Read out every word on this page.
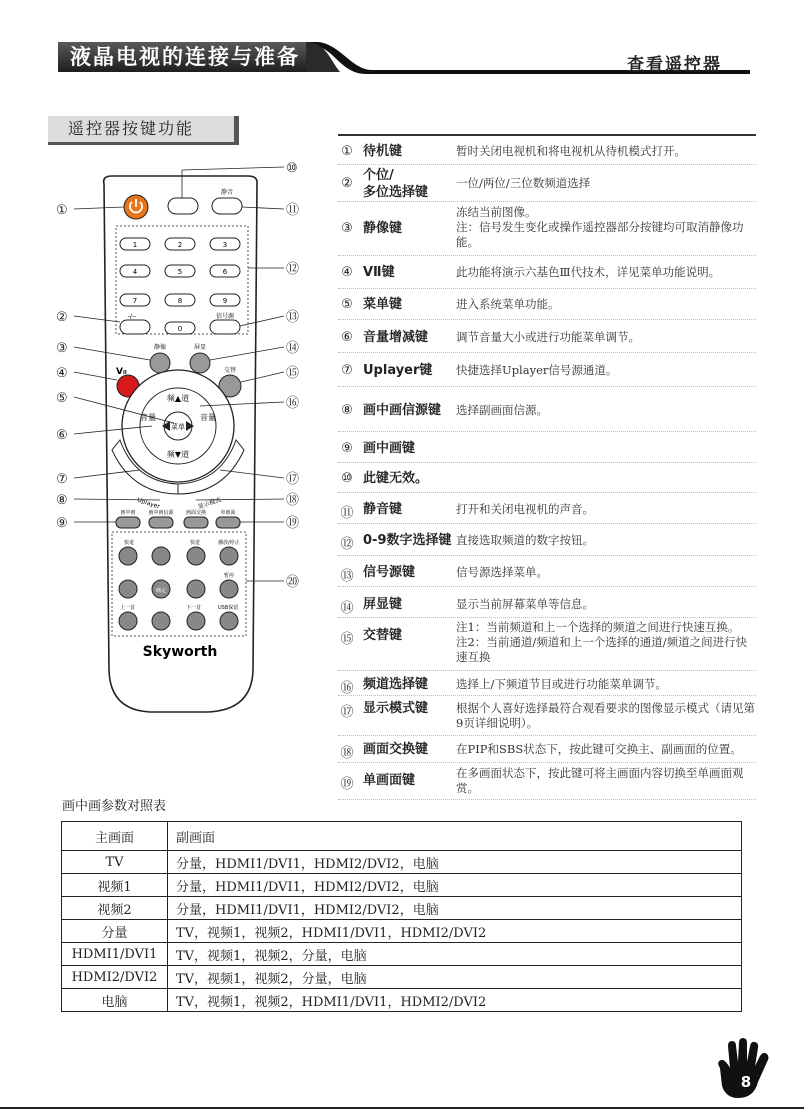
液晶电视的连接与准备	查看遥控器
遥控器按键功能
静音
1	2	3
4	5	6
7	8	9
0
-/--	信号源
静像	屏显
交替
VII
菜单
频▲道
频▼道
音量	音量
Uplayer	显示模式
画中画	画中画信源 画面交换	单画面
快退	快进	播放/停止
确定
暂停
上一首	下一首	USB保留
Skyworth
①
②
③
④
⑤
⑥
⑦
⑧
⑨
⑩
⑪
⑫
⑬
⑭
⑮
⑯
⑰
⑱
⑲
⑳
① 待机键	暂时关闭电视机和将电视机从待机模式打开。
②
个位/
多位选择键
一位/两位/三位数频道选择
③ 静像键
冻结当前图像。
注：信号发生变化或操作遥控器部分按键均可取消静像功能。
④ VⅡ键	此功能将演示六基色Ⅲ代技术，详见菜单功能说明。
⑤ 菜单键	进入系统菜单功能。
⑥ 音量增减键 调节音量大小或进行功能菜单调节。
⑦ Uplayer键 快捷选择Uplayer信号源通道。
⑧ 画中画信源键 选择副画面信源。
⑨ 画中画键
⑩ 此键无效。
⑪ 静音键	打开和关闭电视机的声音。
⑫ 0-9数字选择键 直接选取频道的数字按钮。
⑬ 信号源键	信号源选择菜单。
⑭ 屏显键	显示当前屏幕菜单等信息。
⑮ 交替键
注1：当前频道和上一个选择的频道之间进行快速互换。
注2：当前通道/频道和上一个选择的通道/频道之间进行快速互换
⑯ 频道选择键 选择上/下频道节目或进行功能菜单调节。
⑰ 显示模式键 根据个人喜好选择最符合观看要求的图像显示模式（请见第9页详细说明）。
⑱ 画面交换键 在PIP和SBS状态下，按此键可交换主、副画面的位置。
⑲ 单画面键	在多画面状态下，按此键可将主画面内容切换至单画面观赏。
画中画参数对照表
主画面	副画面
TV	分量，HDMI1/DVI1，HDMI2/DVI2，电脑
视频1	分量，HDMI1/DVI1，HDMI2/DVI2，电脑
视频2	分量，HDMI1/DVI1，HDMI2/DVI2，电脑
分量	TV，视频1，视频2，HDMI1/DVI1，HDMI2/DVI2
HDMI1/DVI1	TV，视频1，视频2，分量，电脑
HDMI2/DVI2	TV，视频1，视频2，分量，电脑
电脑	TV，视频1，视频2，HDMI1/DVI1，HDMI2/DVI2
8
